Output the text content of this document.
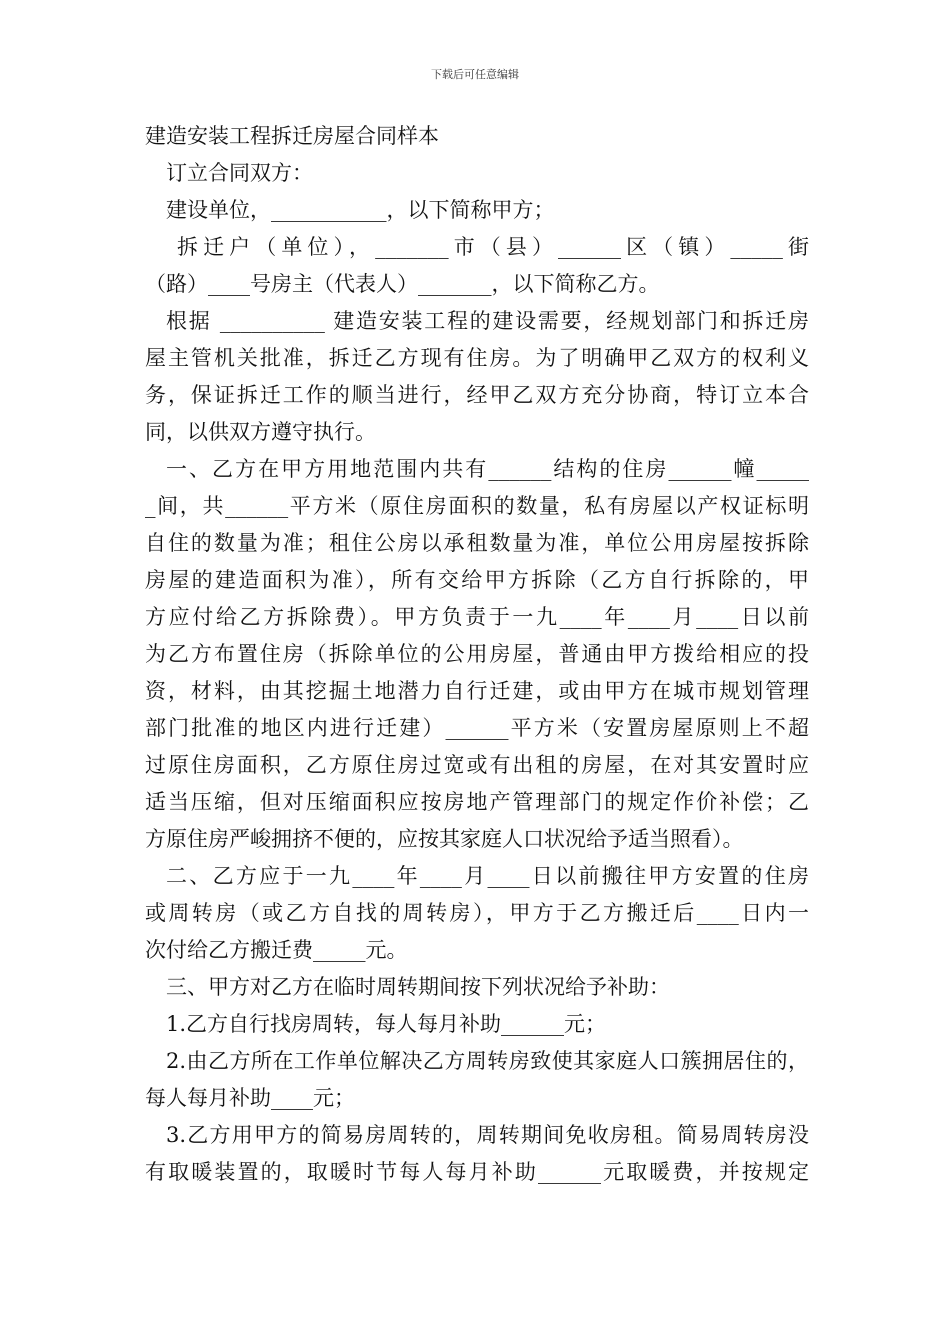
下载后可任意编辑
建造安装工程拆迁房屋合同样本
订立合同双方：
建设单位，___________，以下简称甲方；
拆迁户（单位），_______市（县）______区（镇）_____街
（路）____号房主（代表人）_______，以下简称乙方。
根据 __________ 建造安装工程的建设需要，经规划部门和拆迁房
屋主管机关批准，拆迁乙方现有住房。为了明确甲乙双方的权利义
务，保证拆迁工作的顺当进行，经甲乙双方充分协商，特订立本合
同，以供双方遵守执行。
一、乙方在甲方用地范围内共有______结构的住房______幢_____
_间，共______平方米（原住房面积的数量，私有房屋以产权证标明
自住的数量为准；租住公房以承租数量为准，单位公用房屋按拆除
房屋的建造面积为准），所有交给甲方拆除（乙方自行拆除的，甲
方应付给乙方拆除费）。甲方负责于一九____年____月____日以前
为乙方布置住房（拆除单位的公用房屋，普通由甲方拨给相应的投
资，材料，由其挖掘土地潜力自行迁建，或由甲方在城市规划管理
部门批准的地区内进行迁建）______平方米（安置房屋原则上不超
过原住房面积，乙方原住房过宽或有出租的房屋，在对其安置时应
适当压缩，但对压缩面积应按房地产管理部门的规定作价补偿；乙
方原住房严峻拥挤不便的，应按其家庭人口状况给予适当照看）。
二、乙方应于一九____年____月____日以前搬往甲方安置的住房
或周转房（或乙方自找的周转房），甲方于乙方搬迁后____日内一
次付给乙方搬迁费_____元。
三、甲方对乙方在临时周转期间按下列状况给予补助：
1.乙方自行找房周转，每人每月补助______元；
2.由乙方所在工作单位解决乙方周转房致使其家庭人口簇拥居住的，
每人每月补助____元；
3.乙方用甲方的简易房周转的，周转期间免收房租。简易周转房没
有取暖装置的，取暖时节每人每月补助______元取暖费，并按规定
